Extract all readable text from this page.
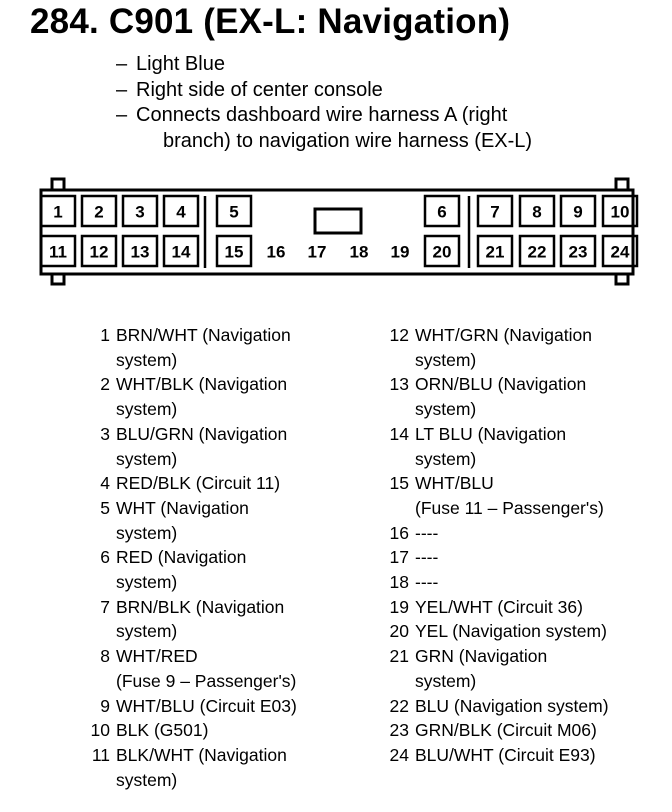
284. C901 (EX-L: Navigation)
– Light Blue
– Right side of center console
– Connects dashboard wire harness A (right
branch) to navigation wire harness (EX-L)
1 2 3 4	5	6	7 8 9 10
11 12 13 14 15 16 17 18 19 20 21 22 23 24
1 BRN/WHT (Navigation
system)
2 WHT/BLK (Navigation
system)
3 BLU/GRN (Navigation
system)
4 RED/BLK (Circuit 11)
5 WHT (Navigation
system)
6 RED (Navigation
system)
7 BRN/BLK (Navigation
system)
8 WHT/RED
(Fuse 9 – Passenger's)
9 WHT/BLU (Circuit E03)
10 BLK (G501)
11 BLK/WHT (Navigation
system)
12 WHT/GRN (Navigation
system)
13 ORN/BLU (Navigation
system)
14 LT BLU (Navigation
system)
15 WHT/BLU
(Fuse 11 – Passenger's)
16 ----
17 ----
18 ----
19 YEL/WHT (Circuit 36)
20 YEL (Navigation system)
21 GRN (Navigation
system)
22 BLU (Navigation system)
23 GRN/BLK (Circuit M06)
24 BLU/WHT (Circuit E93)
